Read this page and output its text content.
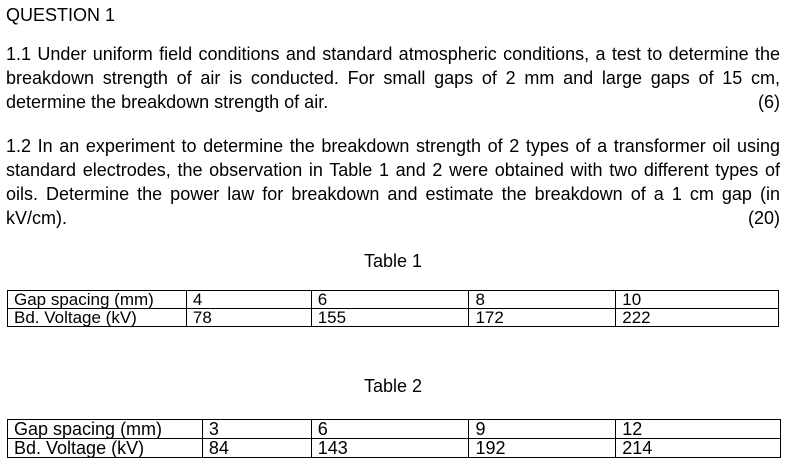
QUESTION 1

1.1 Under uniform field conditions and standard atmospheric conditions, a test to determine the breakdown strength of air is conducted. For small gaps of 2 mm and large gaps of 15 cm, determine the breakdown strength of air.	(6)

1.2 In an experiment to determine the breakdown strength of 2 types of a transformer oil using standard electrodes, the observation in Table 1 and 2 were obtained with two different types of oils. Determine the power law for breakdown and estimate the breakdown of a 1 cm gap (in kV/cm).	(20)

Table 1
Gap spacing (mm)	4	6	8	10
Bd. Voltage (kV)	78	155	172	222
Table 2
Gap spacing (mm)	3	6	9	12
Bd. Voltage (kV)	84	143	192	214
